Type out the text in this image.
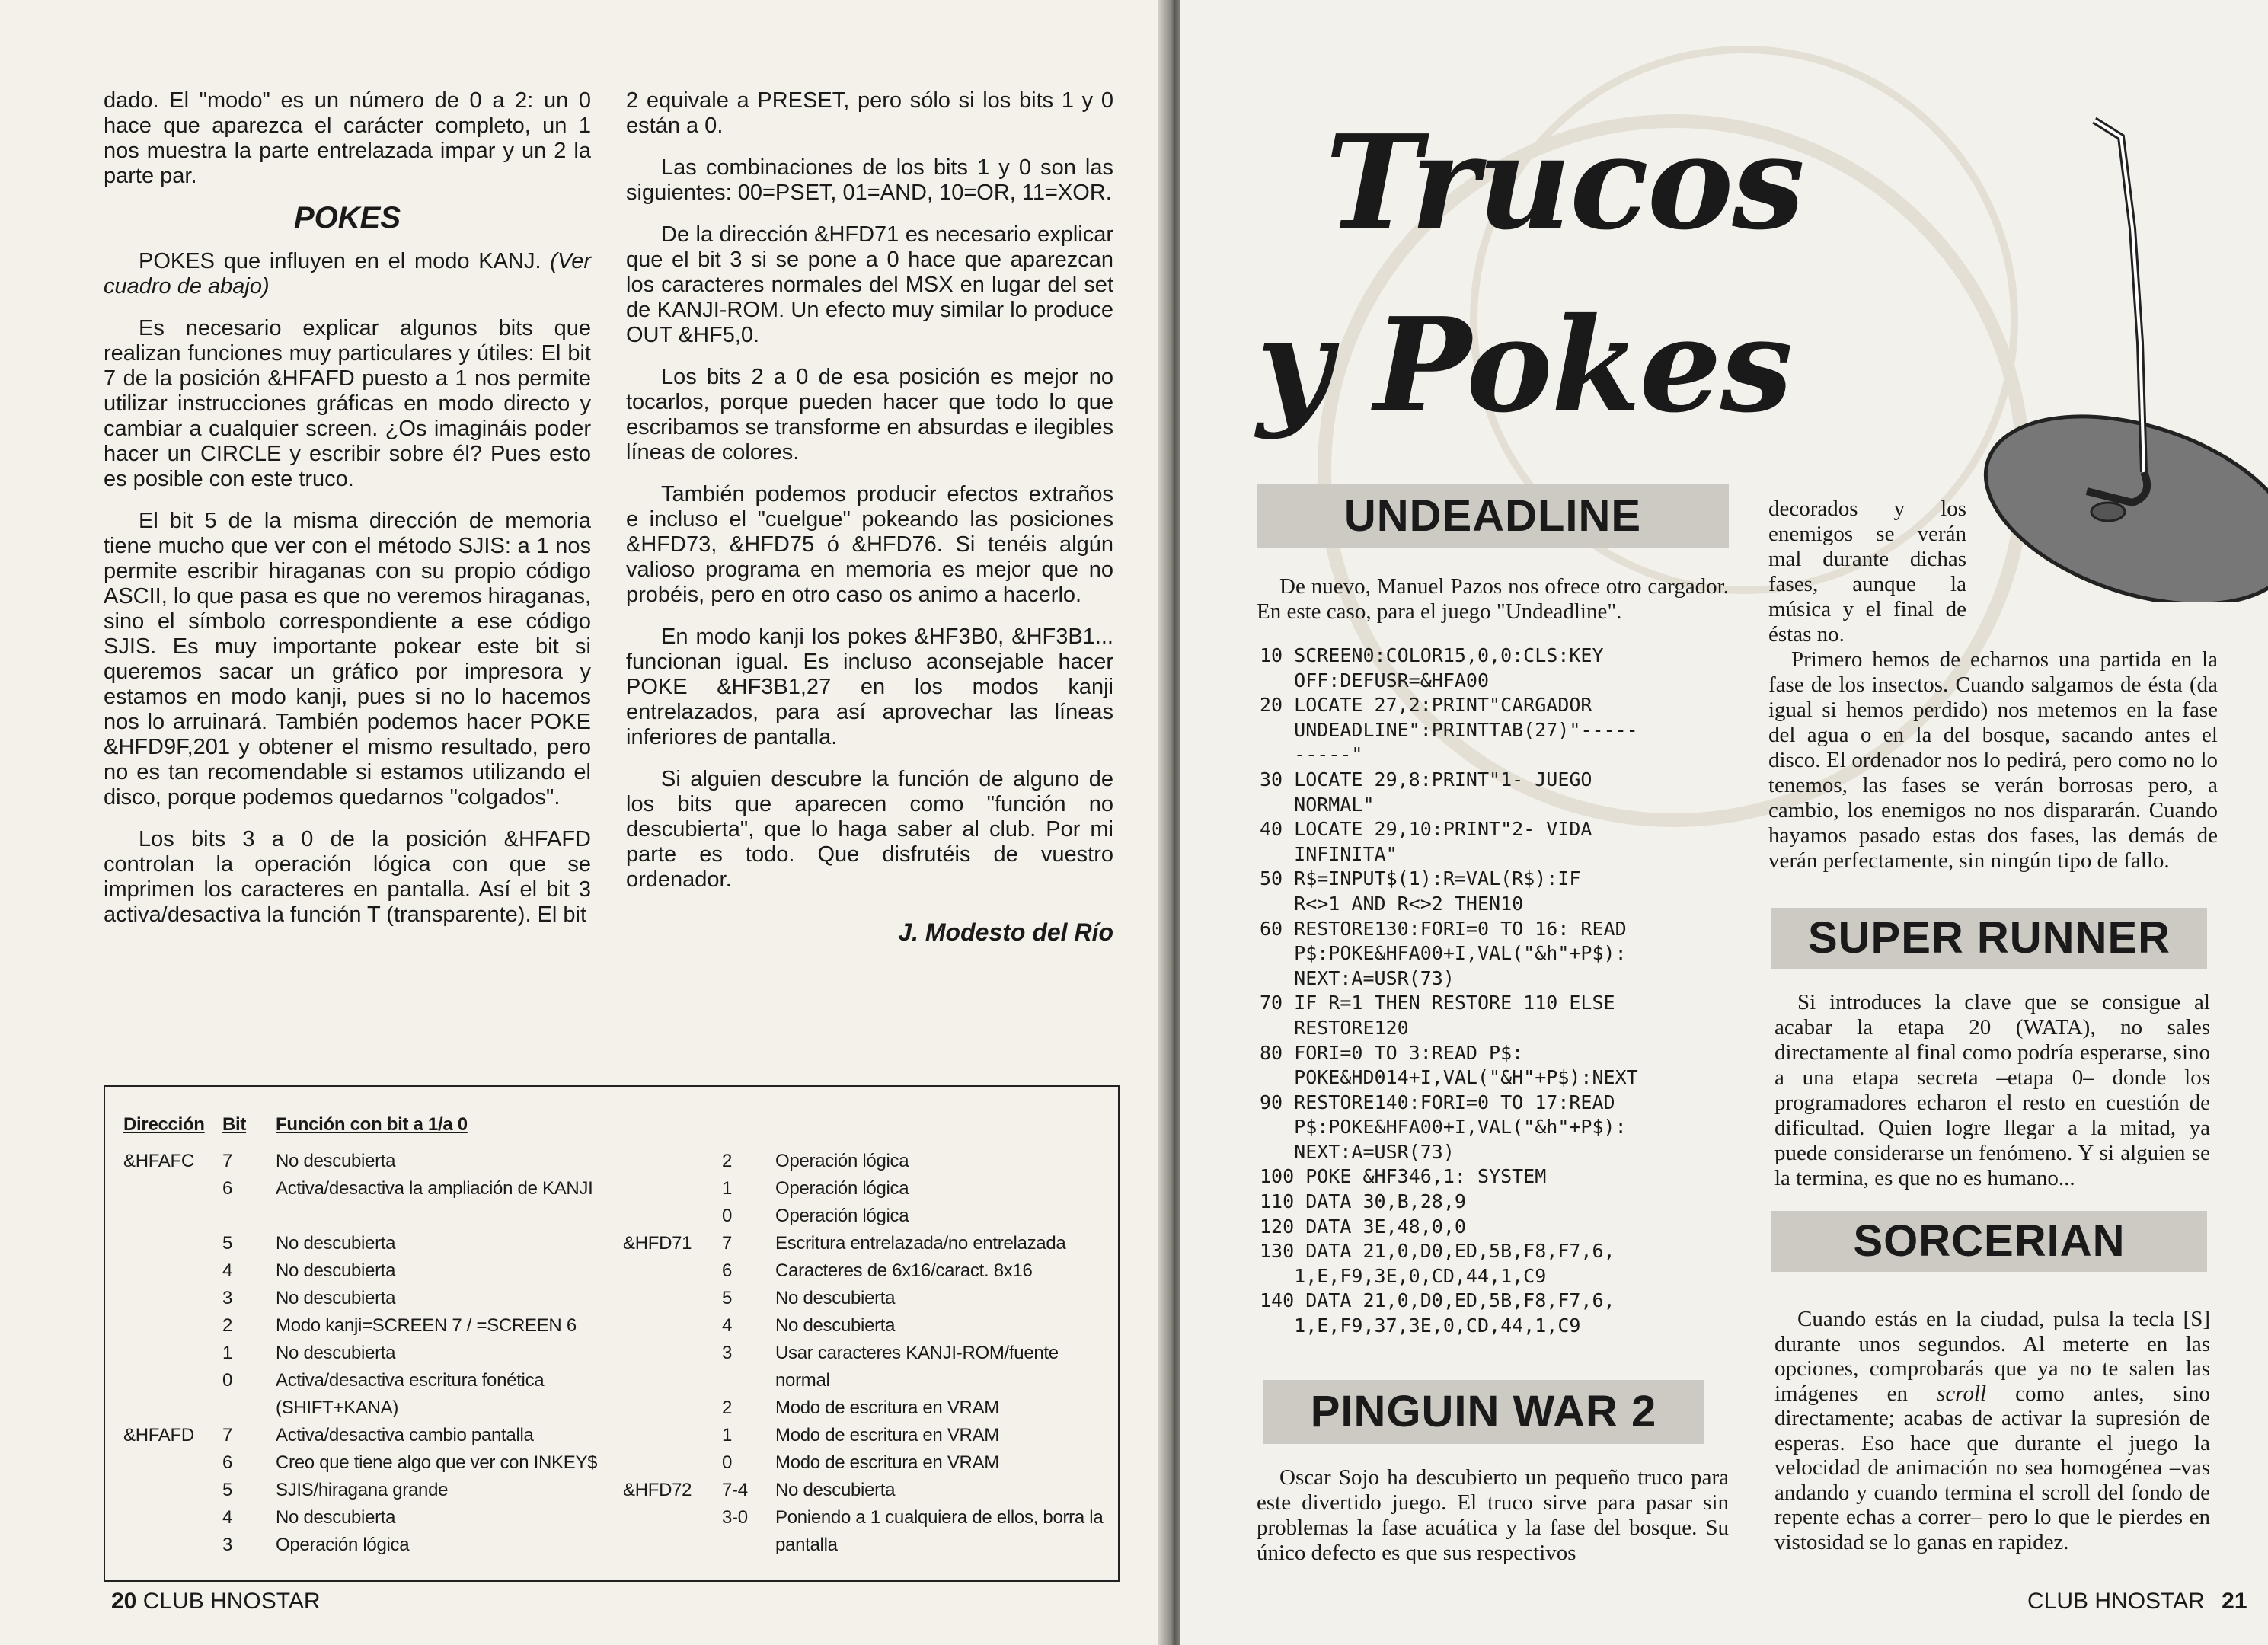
dado. El "modo" es un número de 0 a 2: un 0 hace que aparezca el carácter completo, un 1 nos muestra la parte entrelazada impar y un 2 la parte par.

POKES

POKES que influyen en el modo KANJ. (Ver cuadro de abajo)

Es necesario explicar algunos bits que realizan funciones muy particulares y útiles: El bit 7 de la posición &HFAFD puesto a 1 nos permite utilizar instrucciones gráficas en modo directo y cambiar a cualquier screen. ¿Os imagináis poder hacer un CIRCLE y escribir sobre él? Pues esto es posible con este truco.

El bit 5 de la misma dirección de memoria tiene mucho que ver con el método SJIS: a 1 nos permite escribir hiraganas con su propio código ASCII, lo que pasa es que no veremos hiraganas, sino el símbolo correspondiente a ese código SJIS. Es muy importante pokear este bit si queremos sacar un gráfico por impresora y estamos en modo kanji, pues si no lo hacemos nos lo arruinará. También podemos hacer POKE &HFD9F,201 y obtener el mismo resultado, pero no es tan recomendable si estamos utilizando el disco, porque podemos quedarnos "colgados".

Los bits 3 a 0 de la posición &HFAFD controlan la operación lógica con que se imprimen los caracteres en pantalla. Así el bit 3 activa/desactiva la función T (transparente). El bit

2 equivale a PRESET, pero sólo si los bits 1 y 0 están a 0.

Las combinaciones de los bits 1 y 0 son las siguientes: 00=PSET, 01=AND, 10=OR, 11=XOR.

De la dirección &HFD71 es necesario explicar que el bit 3 si se pone a 0 hace que aparezcan los caracteres normales del MSX en lugar del set de KANJI-ROM. Un efecto muy similar lo produce OUT &HF5,0.

Los bits 2 a 0 de esa posición es mejor no tocarlos, porque pueden hacer que todo lo que escribamos se transforme en absurdas e ilegibles líneas de colores.

También podemos producir efectos extraños e incluso el "cuelgue" pokeando las posiciones &HFD73, &HFD75 ó &HFD76. Si tenéis algún valioso programa en memoria es mejor que no probéis, pero en otro caso os animo a hacerlo.

En modo kanji los pokes &HF3B0, &HF3B1... funcionan igual. Es incluso aconsejable hacer POKE &HF3B1,27 en los modos kanji entrelazados, para así aprovechar las líneas inferiores de pantalla.

Si alguien descubre la función de alguno de los bits que aparecen como "función no descubierta", que lo haga saber al club. Por mi parte es todo. Que disfrutéis de vuestro ordenador.

J. Modesto del Río
Dirección Bit	Función con bit a 1/a 0
&HFAFC	7	No descubierta
6	Activa/desactiva la ampliación de KANJI
5	No descubierta
4	No descubierta
3	No descubierta
2	Modo kanji=SCREEN 7 / =SCREEN 6
1	No descubierta
0	Activa/desactiva escritura fonética (SHIFT+KANA)
&HFAFD	7	Activa/desactiva cambio pantalla
6	Creo que tiene algo que ver con INKEY$
5	SJIS/hiragana grande
4	No descubierta
3	Operación lógica
2	Operación lógica
1	Operación lógica
0	Operación lógica
&HFD71	7	Escritura entrelazada/no entrelazada
6	Caracteres de 6x16/caract. 8x16
5	No descubierta
4	No descubierta
3	Usar caracteres KANJI-ROM/fuente normal
2	Modo de escritura en VRAM
1	Modo de escritura en VRAM
0	Modo de escritura en VRAM
&HFD72	7-4	No descubierta
3-0	Poniendo a 1 cualquiera de ellos, borra la pantalla
20 CLUB HNOSTAR
Trucos
y Pokes
UNDEADLINE
De nuevo, Manuel Pazos nos ofrece otro cargador. En este caso, para el juego "Undeadline".
10 SCREEN0:COLOR15,0,0:CLS:KEY
OFF:DEFUSR=&HFA00
20 LOCATE 27,2:PRINT"CARGADOR
UNDEADLINE":PRINTTAB(27)"-----
-----"
30 LOCATE 29,8:PRINT"1- JUEGO
NORMAL"
40 LOCATE 29,10:PRINT"2- VIDA
INFINITA"
50 R$=INPUT$(1):R=VAL(R$):IF
R<>1 AND R<>2 THEN10
60 RESTORE130:FORI=0 TO 16: READ
P$:POKE&HFA00+I,VAL("&h"+P$):
NEXT:A=USR(73)
70 IF R=1 THEN RESTORE 110 ELSE
RESTORE120
80 FORI=0 TO 3:READ P$:
POKE&HD014+I,VAL("&H"+P$):NEXT
90 RESTORE140:FORI=0 TO 17:READ
P$:POKE&HFA00+I,VAL("&h"+P$):
NEXT:A=USR(73)
100 POKE &HF346,1:_SYSTEM
110 DATA 30,B,28,9
120 DATA 3E,48,0,0
130 DATA 21,0,D0,ED,5B,F8,F7,6,
1,E,F9,3E,0,CD,44,1,C9
140 DATA 21,0,D0,ED,5B,F8,F7,6,
1,E,F9,37,3E,0,CD,44,1,C9
PINGUIN WAR 2

Oscar Sojo ha descubierto un pequeño truco para este divertido juego. El truco sirve para pasar sin problemas la fase acuática y la fase del bosque. Su único defecto es que sus respectivos

decorados y los enemigos se verán mal durante dichas fases, aunque la música y el final de éstas no.

Primero hemos de echarnos una partida en la fase de los insectos. Cuando salgamos de ésta (da igual si hemos perdido) nos metemos en la fase del agua o en la del bosque, sacando antes el disco. El ordenador nos lo pedirá, pero como no lo tenemos, las fases se verán borrosas pero, a cambio, los enemigos no nos dispararán. Cuando hayamos pasado estas dos fases, las demás de verán perfectamente, sin ningún tipo de fallo.

SUPER RUNNER

Si introduces la clave que se consigue al acabar la etapa 20 (WATA), no sales directamente al final como podría esperarse, sino a una etapa secreta –etapa 0– donde los programadores echaron el resto en cuestión de dificultad. Quien logre llegar a la mitad, ya puede considerarse un fenómeno. Y si alguien se la termina, es que no es humano...

SORCERIAN

Cuando estás en la ciudad, pulsa la tecla [S] durante unos segundos. Al meterte en las opciones, comprobarás que ya no te salen las imágenes en scroll como antes, sino directamente; acabas de activar la supresión de esperas. Eso hace que durante el juego la velocidad de animación no sea homogénea –vas andando y cuando termina el scroll del fondo de repente echas a correr– pero lo que le pierdes en vistosidad se lo ganas en rapidez.

CLUB HNOSTAR 21
